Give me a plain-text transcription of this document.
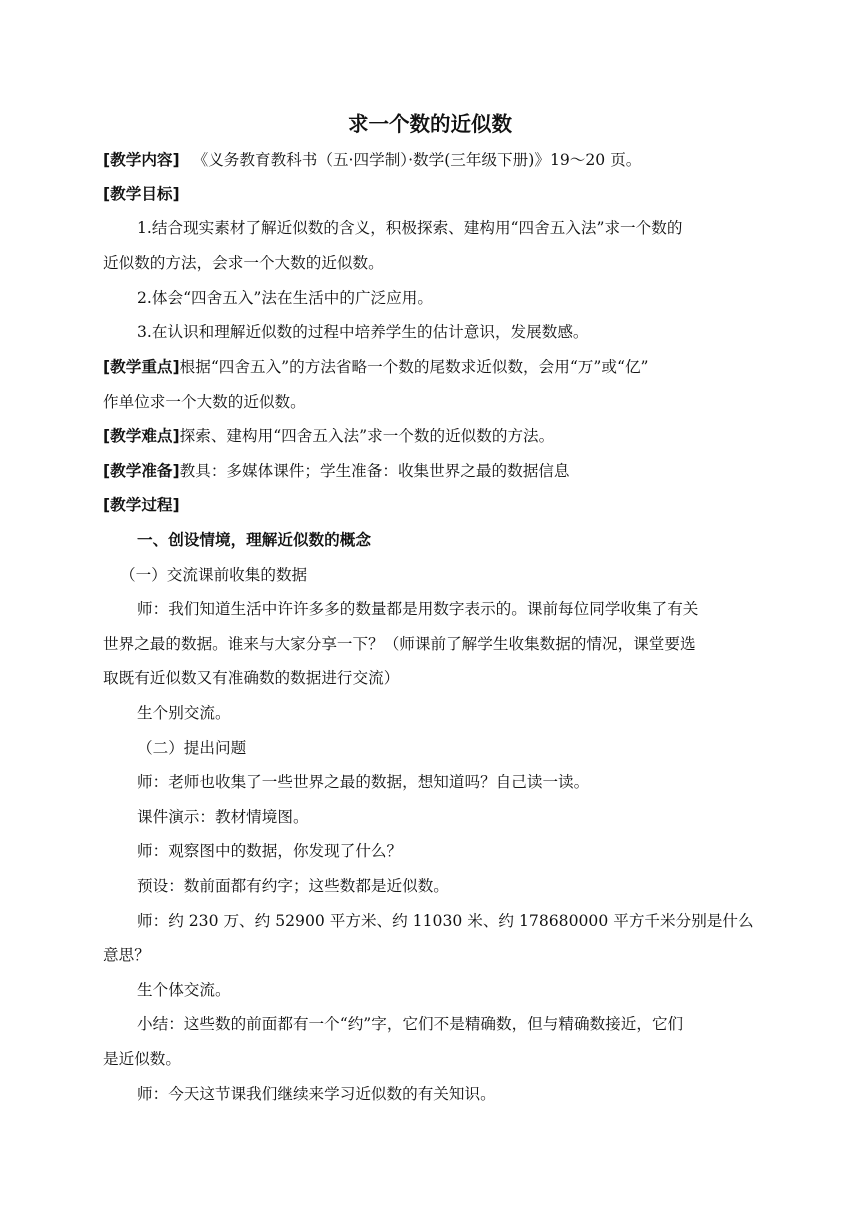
求一个数的近似数
[教学内容] 《义务教育教科书（五·四学制）·数学(三年级下册)》19～20 页。
[教学目标]
1.结合现实素材了解近似数的含义，积极探索、建构用“四舍五入法”求一个数的
近似数的方法，会求一个大数的近似数。
2.体会“四舍五入”法在生活中的广泛应用。
3.在认识和理解近似数的过程中培养学生的估计意识，发展数感。
[教学重点]根据“四舍五入”的方法省略一个数的尾数求近似数，会用“万”或“亿”
作单位求一个大数的近似数。
[教学难点]探索、建构用“四舍五入法”求一个数的近似数的方法。
[教学准备]教具：多媒体课件；学生准备：收集世界之最的数据信息
[教学过程]
一、创设情境，理解近似数的概念
（一）交流课前收集的数据
师：我们知道生活中许许多多的数量都是用数字表示的。课前每位同学收集了有关
世界之最的数据。谁来与大家分享一下？（师课前了解学生收集数据的情况，课堂要选
取既有近似数又有准确数的数据进行交流）
生个别交流。
（二）提出问题
师：老师也收集了一些世界之最的数据，想知道吗？自己读一读。
课件演示：教材情境图。
师：观察图中的数据，你发现了什么？
预设：数前面都有约字；这些数都是近似数。
师：约 230 万、约 52900 平方米、约 11030 米、约 178680000 平方千米分别是什么
意思？
生个体交流。
小结：这些数的前面都有一个“约”字，它们不是精确数，但与精确数接近，它们
是近似数。
师：今天这节课我们继续来学习近似数的有关知识。
